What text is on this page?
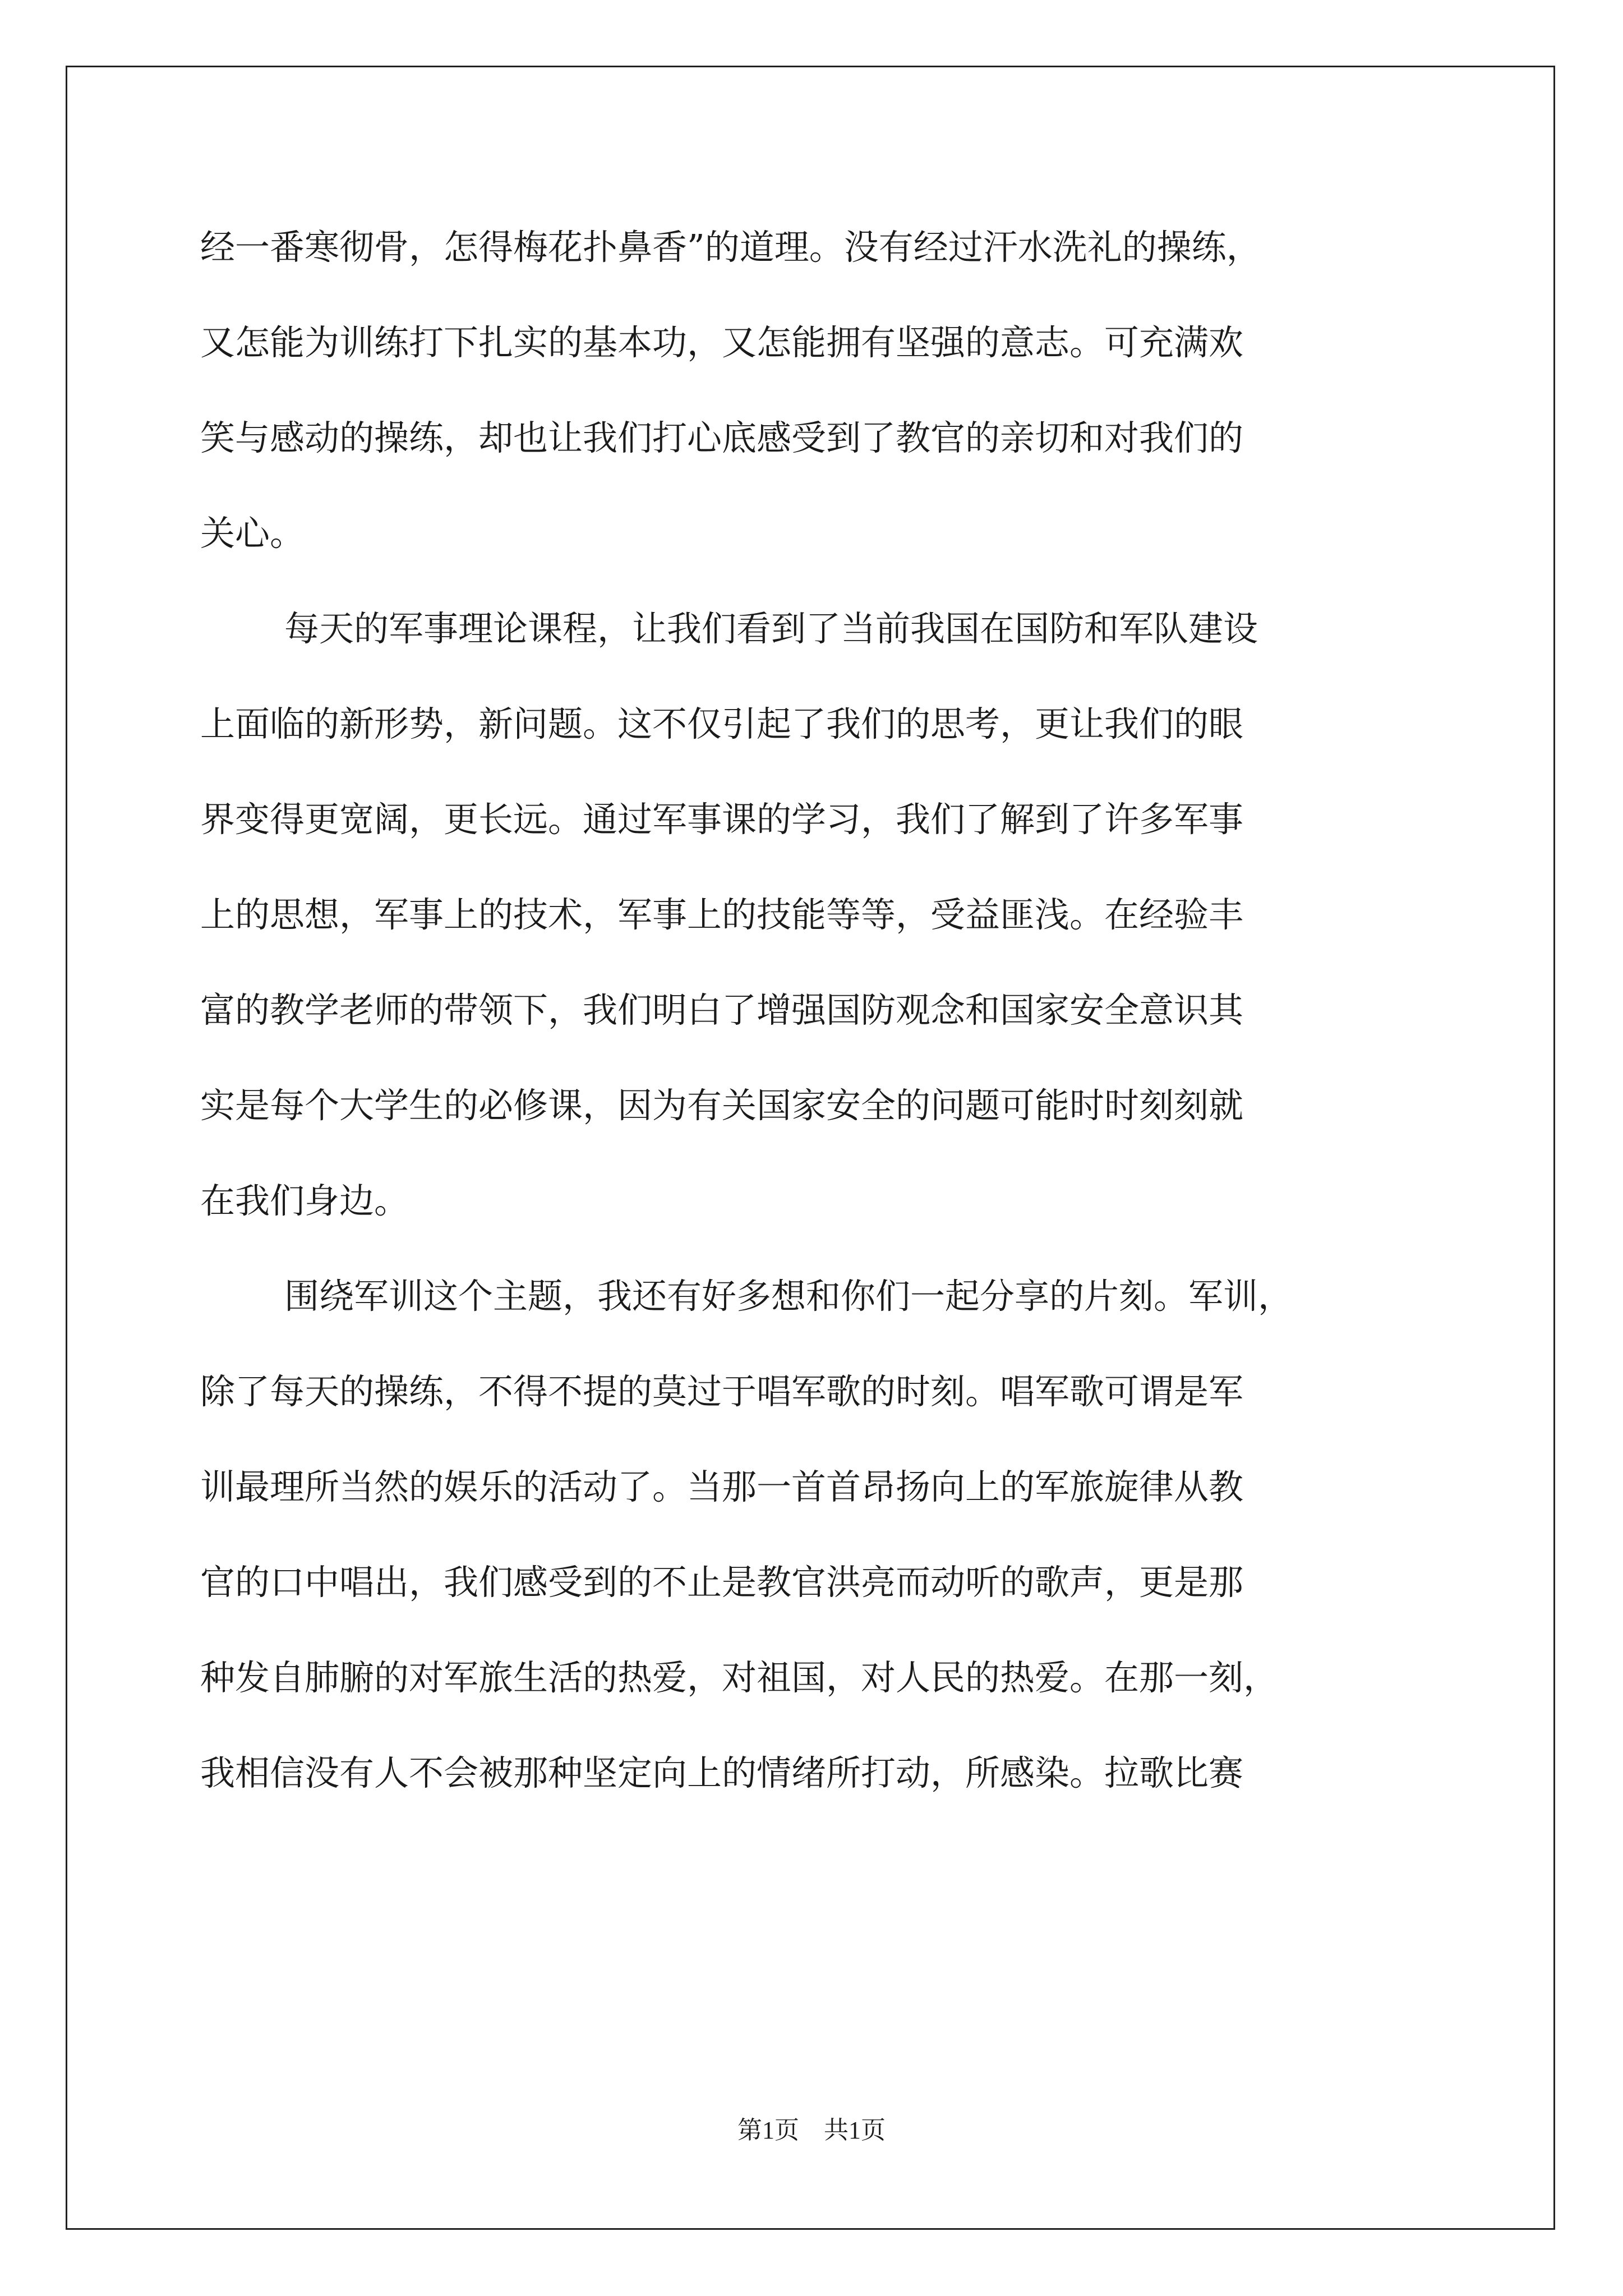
经一番寒彻骨，怎得梅花扑鼻香”的道理。没有经过汗水洗礼的操练，
又怎能为训练打下扎实的基本功，又怎能拥有坚强的意志。可充满欢
笑与感动的操练，却也让我们打心底感受到了教官的亲切和对我们的
关心。
每天的军事理论课程，让我们看到了当前我国在国防和军队建设
上面临的新形势，新问题。这不仅引起了我们的思考，更让我们的眼
界变得更宽阔，更长远。通过军事课的学习，我们了解到了许多军事
上的思想，军事上的技术，军事上的技能等等，受益匪浅。在经验丰
富的教学老师的带领下，我们明白了增强国防观念和国家安全意识其
实是每个大学生的必修课，因为有关国家安全的问题可能时时刻刻就
在我们身边。
围绕军训这个主题，我还有好多想和你们一起分享的片刻。军训，
除了每天的操练，不得不提的莫过于唱军歌的时刻。唱军歌可谓是军
训最理所当然的娱乐的活动了。当那一首首昂扬向上的军旅旋律从教
官的口中唱出，我们感受到的不止是教官洪亮而动听的歌声，更是那
种发自肺腑的对军旅生活的热爱，对祖国，对人民的热爱。在那一刻，
我相信没有人不会被那种坚定向上的情绪所打动，所感染。拉歌比赛
第1页　共1页
